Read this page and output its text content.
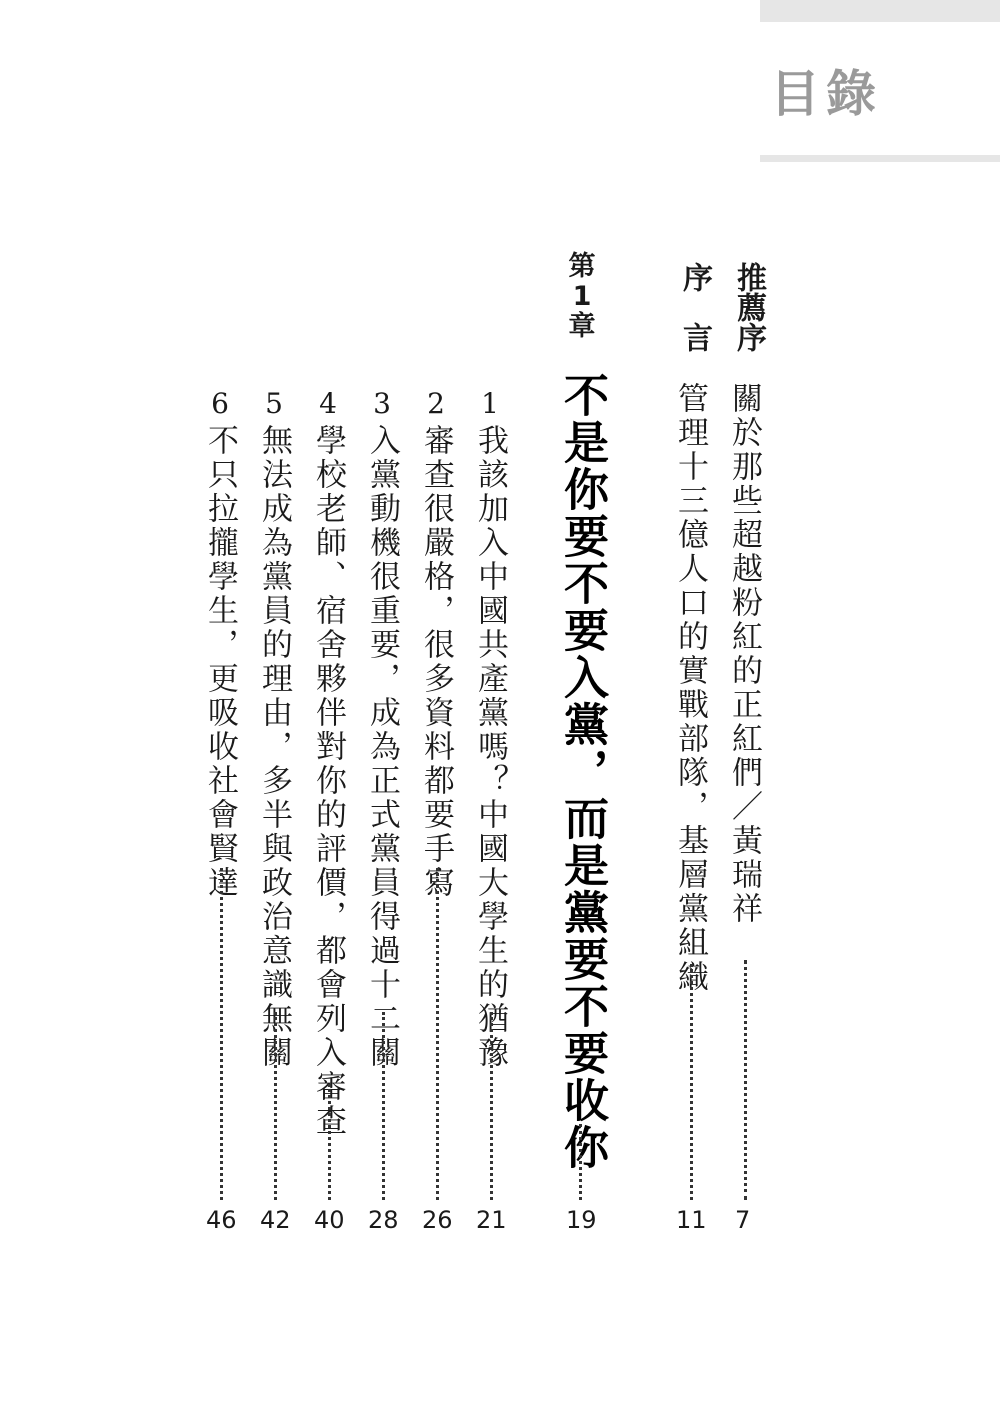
目錄
推薦序
關於那些超越粉紅的正紅們／黃瑞祥
7
序　言
管理十三億人口的實戰部隊，基層黨組織
11
第
1
章
不是你要不要入黨，而是黨要不要收你
19
1
我該加入中國共產黨嗎？中國大學生的猶豫
21
2
審查很嚴格，很多資料都要手寫
26
3
入黨動機很重要，成為正式黨員得過十二關
28
4
學校老師、宿舍夥伴對你的評價，都會列入審查
40
5
無法成為黨員的理由，多半與政治意識無關
42
6
不只拉攏學生，更吸收社會賢達
46
